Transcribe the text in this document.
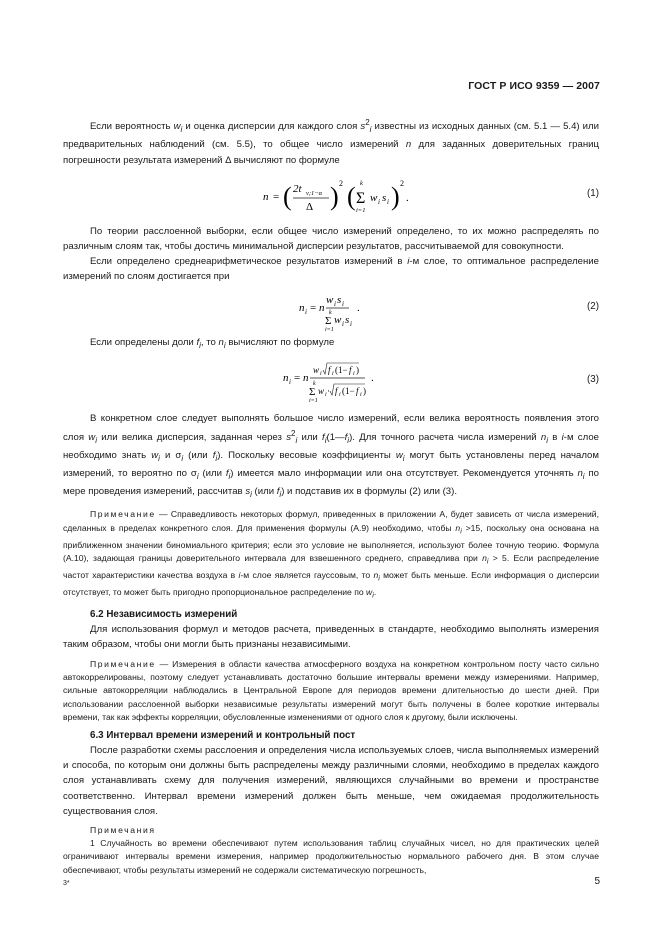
ГОСТ Р ИСО 9359 — 2007

Если вероятность $w_i$ и оценка дисперсии для каждого слоя $s^2_i$ известны из исходных данных (см. 5.1 — 5.4) или предварительных наблюдений (см. 5.5), то общее число измерений n для заданных доверительных границ погрешности результата измерений Δ вычисляют по формуле

n = ( 2t ν;1−α
Δ ) 2 ( k
Σ
i=1
w i s i ) 2
.	(1)

По теории расслоенной выборки, если общее число измерений определено, то их можно распределять по различным слоям так, чтобы достичь минимальной дисперсии результатов, рассчитываемой для совокупности.

Если определено среднеарифметическое результатов измерений в i-м слое, то оптимальное распределение измерений по слоям достигается при

n i = n
w i s i
k
Σ
i=1
w i s i
.	(2)

Если определены доли $f_i$, то $n_i$ вычисляют по формуле

n i = n
w i f i (1− f i )
k
Σ
i=1
w i · f i (1− f i )
.	(3)

В конкретном слое следует выполнять большое число измерений, если велика вероятность появления этого слоя $w_i$ или велика дисперсия, заданная через $s^2_i$ или $f_i(1—f_i)$. Для точного расчета числа измерений $n_i$ в i-м слое необходимо знать $w_i$ и $\sigma_i$ (или $f_i$). Поскольку весовые коэффициенты $w_i$ могут быть установлены перед началом измерений, то вероятно по $\sigma_i$ (или $f_i$) имеется мало информации или она отсутствует. Рекомендуется уточнять $n_i$ по мере проведения измерений, рассчитав $s_i$ (или $f_i$) и подставив их в формулы (2) или (3).

Примечание — Справедливость некоторых формул, приведенных в приложении А, будет зависеть от числа измерений, сделанных в пределах конкретного слоя. Для применения формулы (А.9) необходимо, чтобы $n_i >15$, поскольку она основана на приближенном значении биномиального критерия; если это условие не выполняется, используют более точную теорию. Формула (А.10), задающая границы доверительного интервала для взвешенного среднего, справедлива при $n_i > 5$. Если распределение частот характеристики качества воздуха в i-м слое является гауссовым, то $n_i$ может быть меньше. Если информация о дисперсии отсутствует, то может быть пригодно пропорциональное распределение по $w_i$.

6.2 Независимость измерений

Для использования формул и методов расчета, приведенных в стандарте, необходимо выполнять измерения таким образом, чтобы они могли быть признаны независимыми.

Примечание — Измерения в области качества атмосферного воздуха на конкретном контрольном посту часто сильно автокоррелированы, поэтому следует устанавливать достаточно большие интервалы времени между измерениями. Например, сильные автокорреляции наблюдались в Центральной Европе для периодов времени длительностью до шести дней. При использовании расслоенной выборки независимые результаты измерений могут быть получены в более короткие интервалы времени, так как эффекты корреляции, обусловленные изменениями от одного слоя к другому, были исключены.

6.3 Интервал времени измерений и контрольный пост

После разработки схемы расслоения и определения числа используемых слоев, числа выполняемых измерений и способа, по которым они должны быть распределены между различными слоями, необходимо в пределах каждого слоя устанавливать схему для получения измерений, являющихся случайными во времени и пространстве соответственно. Интервал времени измерений должен быть меньше, чем ожидаемая продолжительность существования слоя.

Примечания

1 Случайность во времени обеспечивают путем использования таблиц случайных чисел, но для практических целей ограничивают интервалы времени измерения, например продолжительностью нормального рабочего дня. В этом случае обеспечивают, чтобы результаты измерений не содержали систематическую погрешность,

3*	5
